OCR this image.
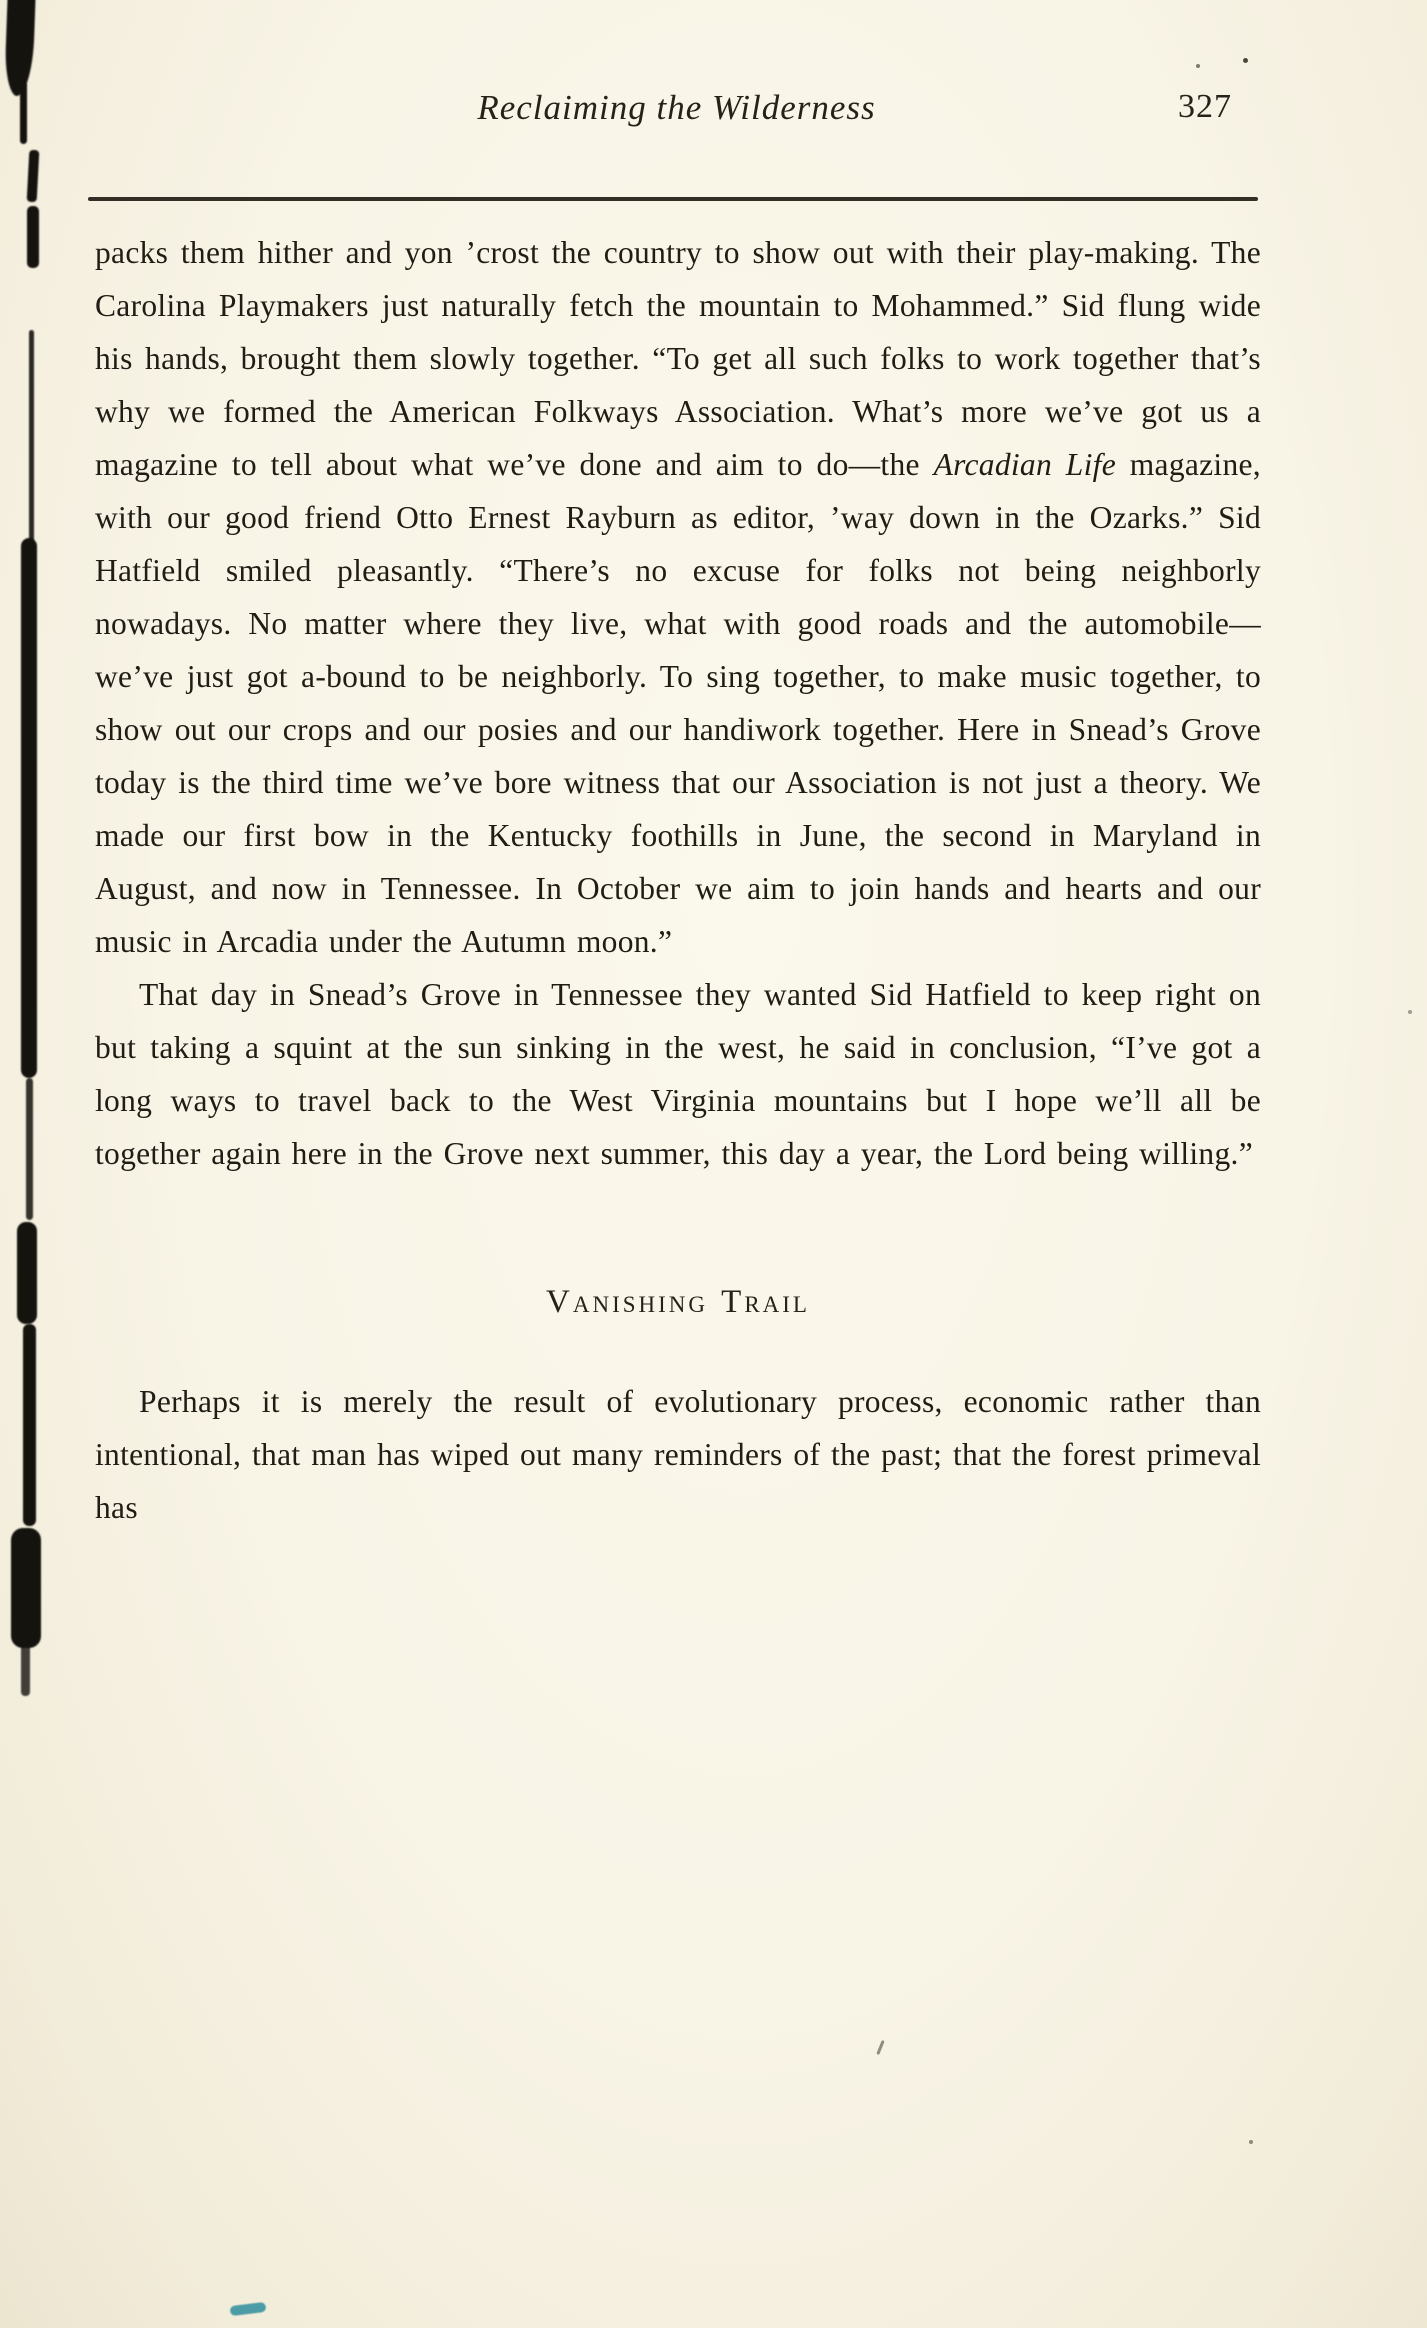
Reclaiming the Wilderness	327

packs them hither and yon ’crost the country to show out with their play-making. The Carolina Playmakers just naturally fetch the mountain to Mohammed.” Sid flung wide his hands, brought them slowly together. “To get all such folks to work together that’s why we formed the American Folkways Association. What’s more we’ve got us a magazine to tell about what we’ve done and aim to do—the Arcadian Life magazine, with our good friend Otto Ernest Rayburn as editor, ’way down in the Ozarks.” Sid Hatfield smiled pleasantly. “There’s no excuse for folks not being neighborly nowadays. No matter where they live, what with good roads and the automobile—we’ve just got a-bound to be neighborly. To sing together, to make music together, to show out our crops and our posies and our handiwork together. Here in Snead’s Grove today is the third time we’ve bore witness that our Association is not just a theory. We made our first bow in the Kentucky foothills in June, the second in Maryland in August, and now in Tennessee. In October we aim to join hands and hearts and our music in Arcadia under the Autumn moon.”

That day in Snead’s Grove in Tennessee they wanted Sid Hatfield to keep right on but taking a squint at the sun sinking in the west, he said in conclusion, “I’ve got a long ways to travel back to the West Virginia mountains but I hope we’ll all be together again here in the Grove next summer, this day a year, the Lord being willing.”

Vanishing Trail

Perhaps it is merely the result of evolutionary process, economic rather than intentional, that man has wiped out many reminders of the past; that the forest primeval has
